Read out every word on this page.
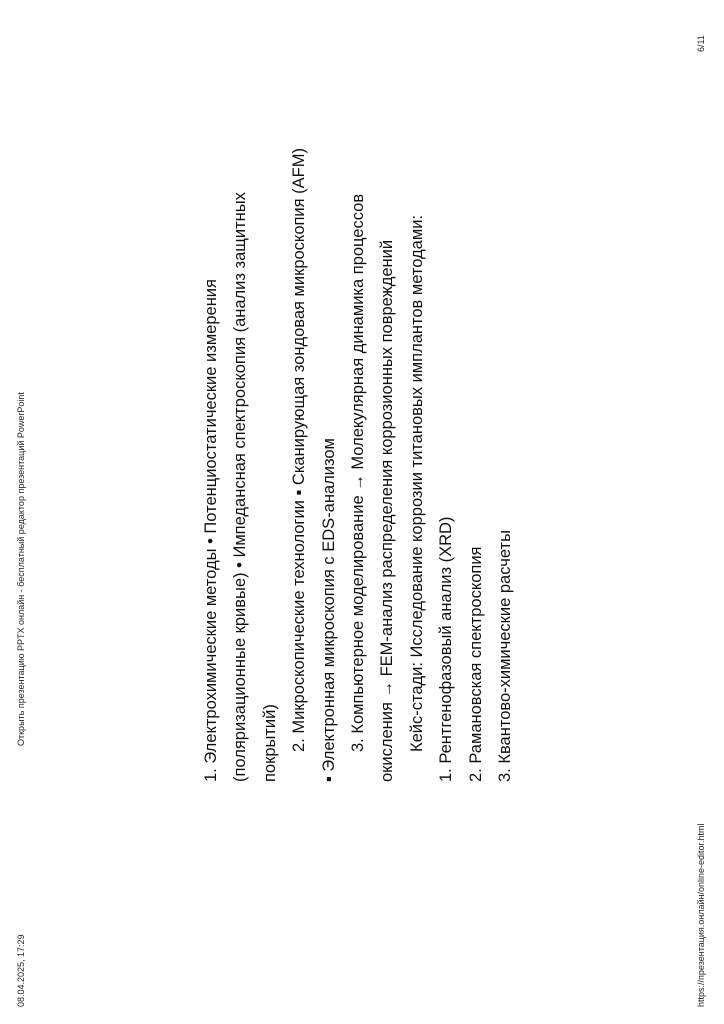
08.04.2025, 17:29
Открыть презентацию PPTX онлайн - бесплатный редактор презентаций PowerPoint	1. Электрохимические методы • Потенциостатические измерения (поляризационные кривые) • Импедансная спектроскопия (анализ защитных покрытий) 2. Микроскопические технологии ▪ Сканирующая зондовая микроскопия (AFM) ▪ Электронная микроскопия с EDS-анализом 3. Компьютерное моделирование → Молекулярная динамика процессов окисления → FEM-анализ распределения коррозионных повреждений Кейс-стади: Исследование коррозии титановых имплантов методами: 1. Рентгенофазовый анализ (XRD) 2. Рамановская спектроскопия 3. Квантово-химические расчеты

https://презентация.онлайн/online-editor.html
6/11
